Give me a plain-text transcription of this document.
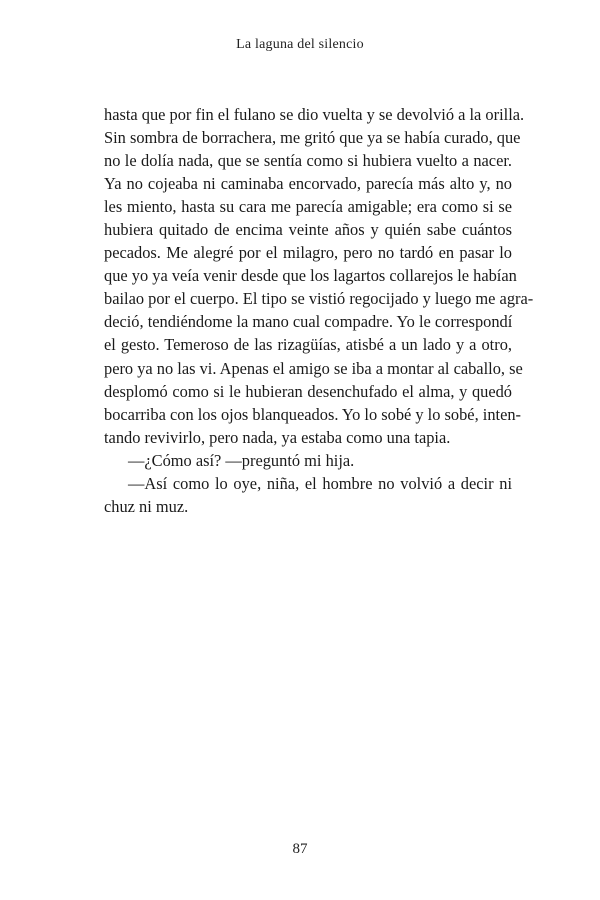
La laguna del silencio

hasta que por fin el fulano se dio vuelta y se devolvió a la orilla.
Sin sombra de borrachera, me gritó que ya se había curado, que
no le dolía nada, que se sentía como si hubiera vuelto a nacer.
Ya no cojeaba ni caminaba encorvado, parecía más alto y, no
les miento, hasta su cara me parecía amigable; era como si se
hubiera quitado de encima veinte años y quién sabe cuántos
pecados. Me alegré por el milagro, pero no tardó en pasar lo
que yo ya veía venir desde que los lagartos collarejos le habían
bailao por el cuerpo. El tipo se vistió regocijado y luego me agra-
deció, tendiéndome la mano cual compadre. Yo le correspondí
el gesto. Temeroso de las rizagüías, atisbé a un lado y a otro,
pero ya no las vi. Apenas el amigo se iba a montar al caballo, se
desplomó como si le hubieran desenchufado el alma, y quedó
bocarriba con los ojos blanqueados. Yo lo sobé y lo sobé, inten-
tando revivirlo, pero nada, ya estaba como una tapia.

—¿Cómo así? —preguntó mi hija.

—Así como lo oye, niña, el hombre no volvió a decir ni
chuz ni muz.

87
